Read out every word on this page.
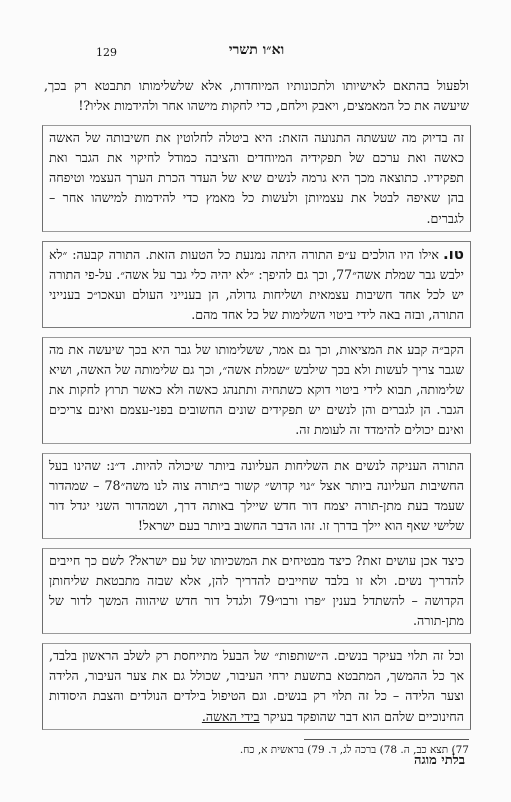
129	וא״ו תשרי

ולפעול בהתאם לאישיותו ולתכונותיו המיוחדות, אלא שלשלימותו תתבטא רק בכך, שיעשה את כל המאמצים, ויאבק וילחם, כדי לחקות מישהו אחר ולהידמות אליו?!

זה בדיוק מה שעשתה התנועה הזאת: היא ביטלה לחלוטין את חשיבותה של האשה כאשה ואת ערכם של תפקידיה המיוחדים והציבה כמודל לחיקוי את הגבר ואת תפקידיו. כתוצאה מכך היא גרמה לנשים שיא של העדר הכרת הערך העצמי וטיפחה בהן שאיפה לבטל את עצמיותן ולעשות כל מאמץ כדי להידמות למישהו אחר – לגברים.

טו.אילו היו הולכים ע״פ התורה היתה נמנעת כל הטעות הזאת. התורה קבעה: ״לא ילבש גבר שמלת אשה״77, וכך גם להיפך: ״לא יהיה כלי גבר על אשה״. על-פי התורה יש לכל אחד חשיבות עצמאית ושליחות גדולה, הן בענייני העולם ועאכו״כ בענייני התורה, ובזה באה לידי ביטוי השלימות של כל אחד מהם.

הקב״ה קבע את המציאות, וכך גם אמר, ששלימותו של גבר היא בכך שיעשה את מה שגבר צריך לעשות ולא בכך שילבש ״שמלת אשה״, וכך גם שלימותה של האשה, ושיא שלימותה, תבוא לידי ביטוי דוקא כשתחיה ותתנהג כאשה ולא כאשר תרוץ לחקות את הגבר. הן לגברים והן לנשים יש תפקידים שונים החשובים בפני-עצמם ואינם צריכים ואינם יכולים להימדד זה לעומת זה.

התורה העניקה לנשים את השליחות העליונה ביותר שיכולה להיות. ד״נ: שהינו בעל החשיבות העליונה ביותר אצל ״גוי קדוש״ קשור ב״תורה צוה לנו משה״78 – שמהדור שעמד בעת מתן-תורה יצמח דור חדש שיילך באותה דרך, ושמהדור השני יגדל דור שלישי שאף הוא יילך בדרך זו. זהו הדבר החשוב ביותר בעם ישראל!

כיצד אכן עושים זאת? כיצד מבטיחים את המשכיותו של עם ישראל? לשם כך חייבים להדריך נשים. ולא זו בלבד שחייבים להדריך להן, אלא שבזה מתבטאת שליחותן הקדושה – להשתדל בענין ״פרו ורבו״79 ולגדל דור חדש שיהווה המשך לדור של מתן-תורה.

וכל זה תלוי בעיקר בנשים. ה״שותפות״ של הבעל מתייחסת רק לשלב הראשון בלבד, אך כל ההמשך, המתבטא בתשעת ירחי העיבור, שכולל גם את צער העיבור, הלידה וצער הלידה – כל זה תלוי רק בנשים. וגם הטיפול בילדים הנולדים והצבת היסודות החינוכיים שלהם הוא דבר שהופקד בעיקר בידי האשה.

77) תצא כב, ה. 78) ברכה לג, ד. 79) בראשית א, כח.
בלתי מוגה
